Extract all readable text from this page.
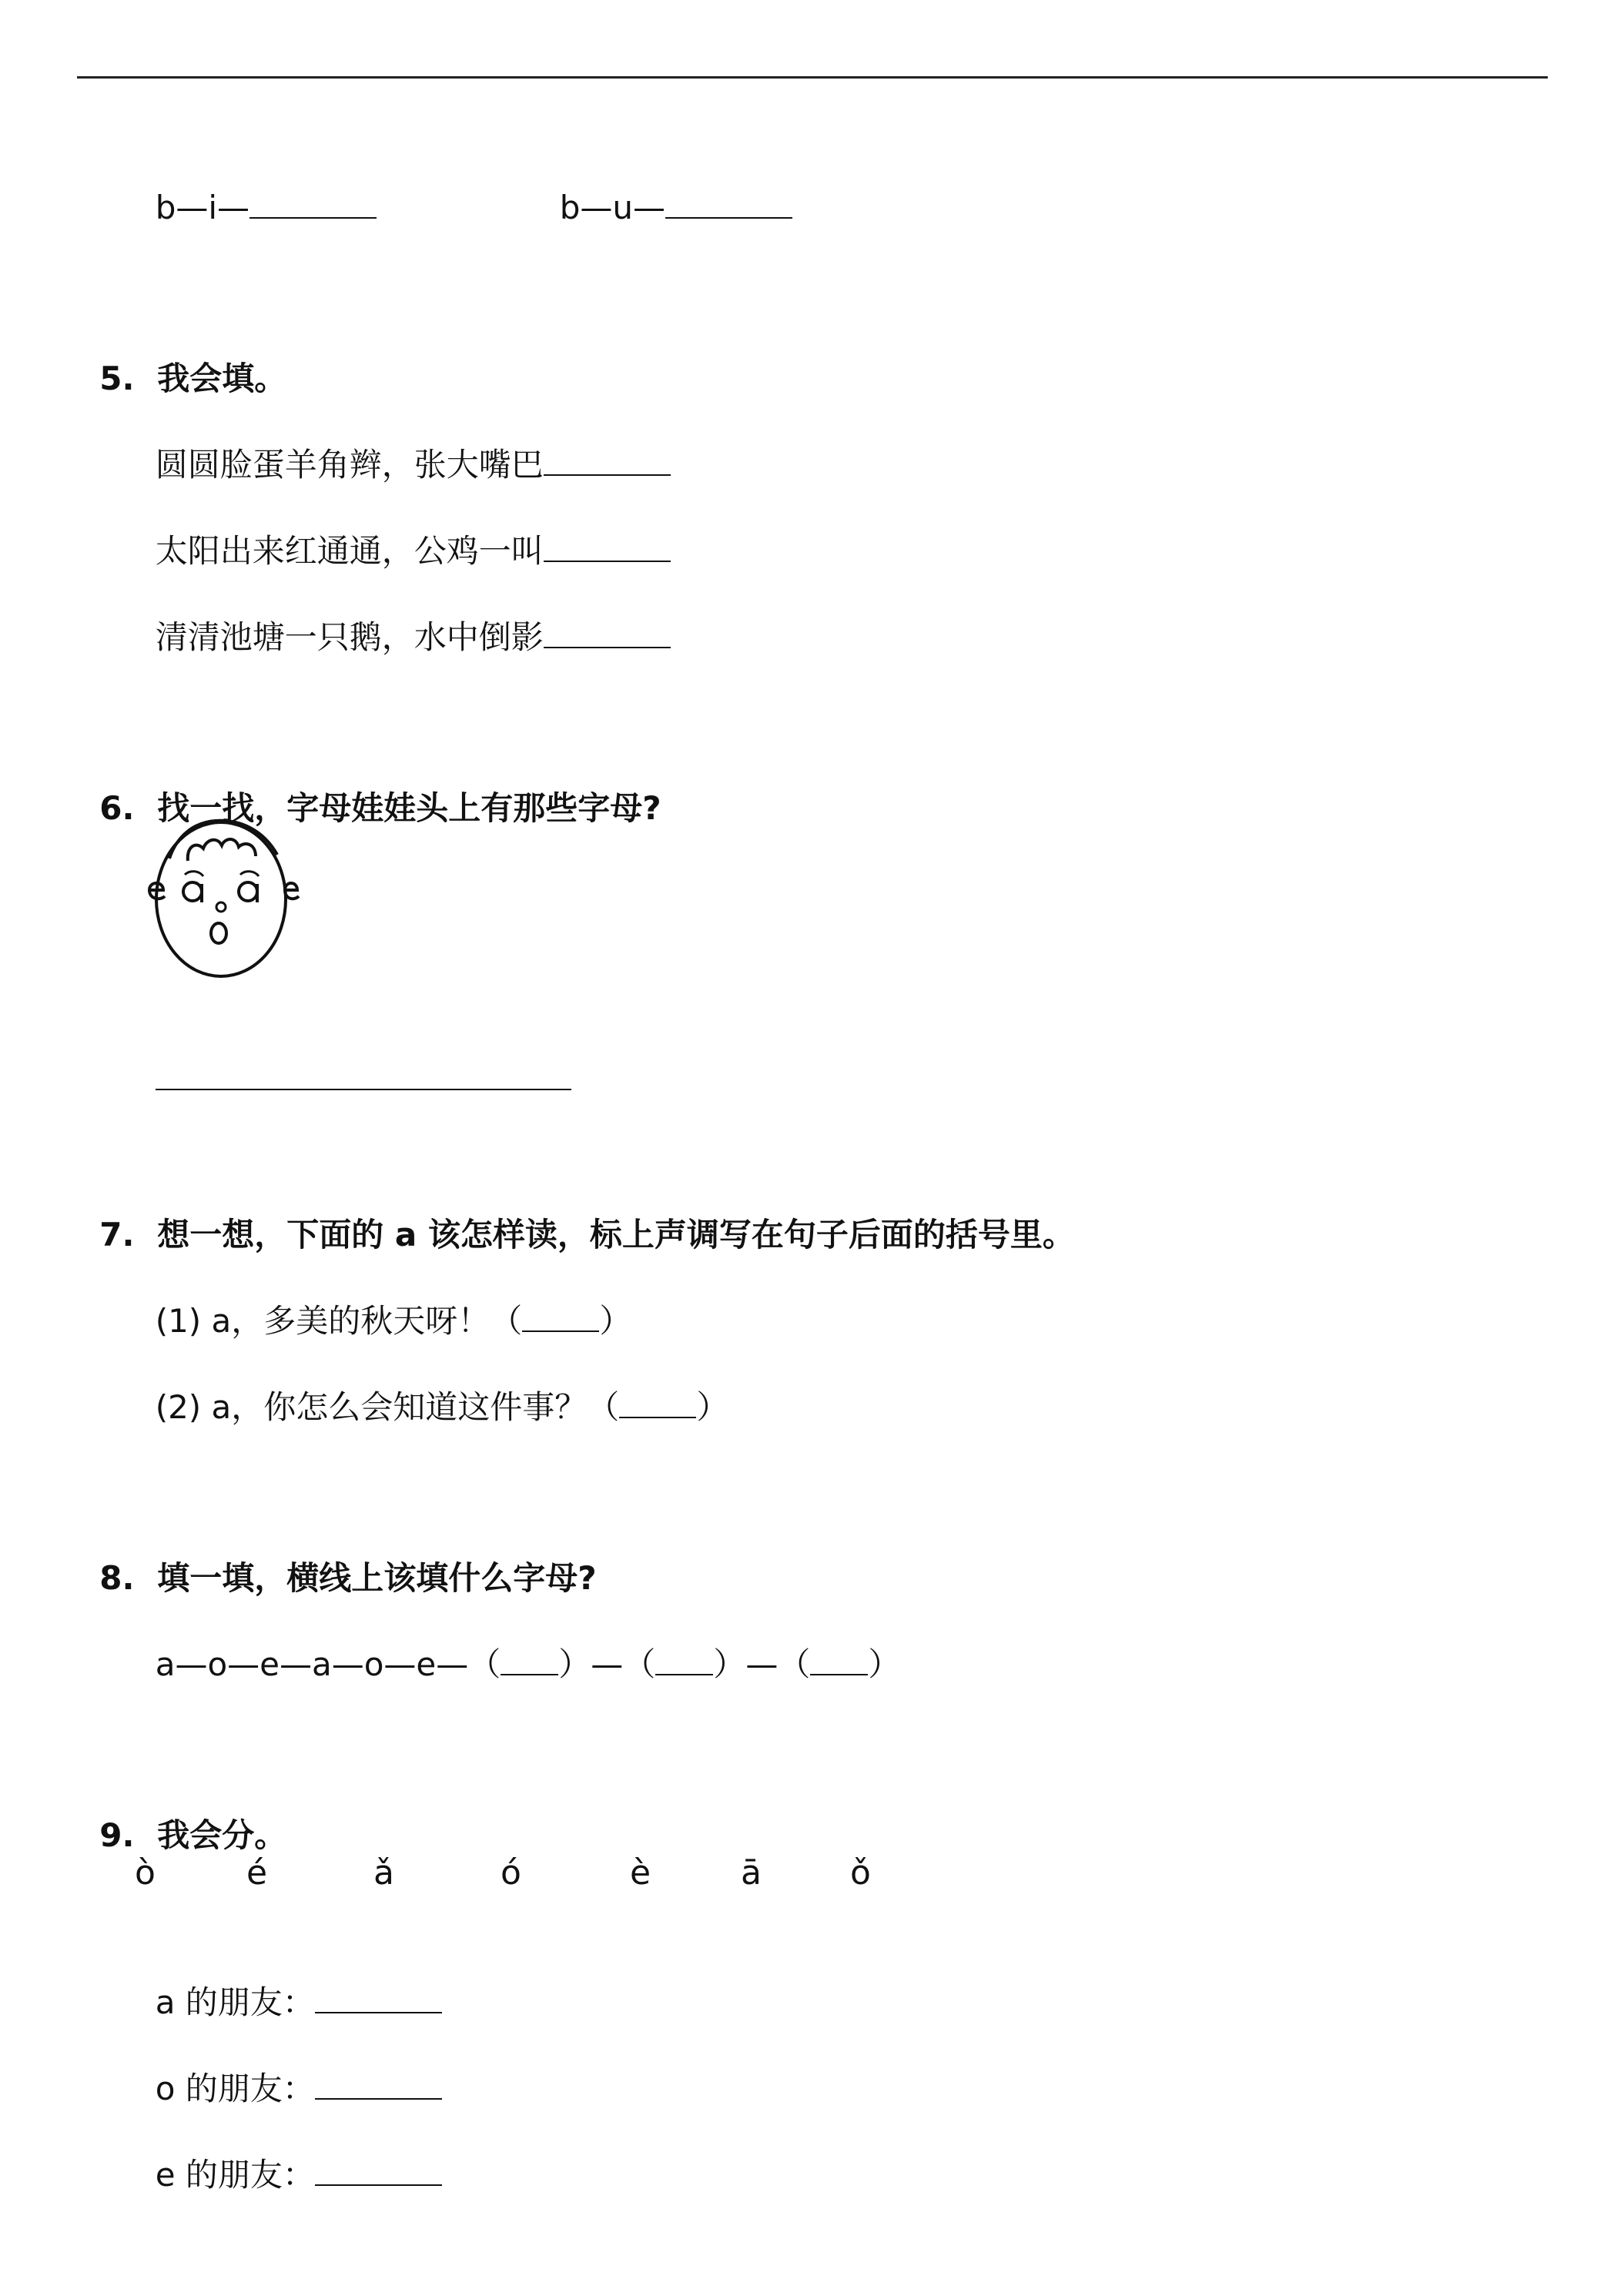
b—i—	b—u—

5. 我会填。

圆圆脸蛋羊角辫，张大嘴巴

太阳出来红通通，公鸡一叫

清清池塘一只鹅，水中倒影

6. 找一找，字母娃娃头上有那些字母?

7. 想一想，下面的 a 该怎样读，标上声调写在句子后面的括号里。

(1) a，多美的秋天呀！（ ）

(2) a，你怎么会知道这件事？（ ）

8. 填一填，横线上该填什么字母?

a—o—e—a—o—e—（ ）—（ ）—（ ）

9. 我会分。

ò	é	ǎ	ó	è	ā	ǒ

a 的朋友：

o 的朋友：

e 的朋友：
